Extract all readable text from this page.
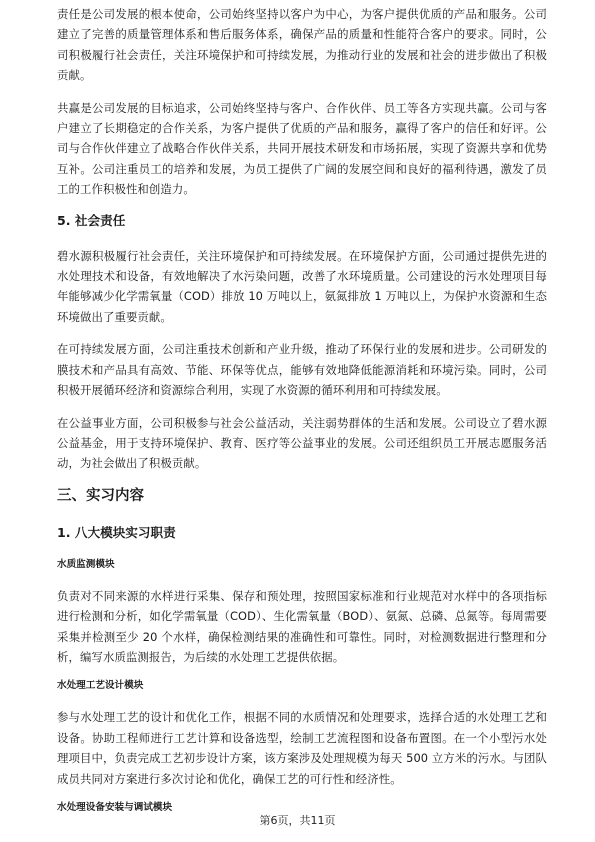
责任是公司发展的根本使命，公司始终坚持以客户为中心，为客户提供优质的产品和服务。公司建立了完善的质量管理体系和售后服务体系，确保产品的质量和性能符合客户的要求。同时，公司积极履行社会责任，关注环境保护和可持续发展，为推动行业的发展和社会的进步做出了积极贡献。

共赢是公司发展的目标追求，公司始终坚持与客户、合作伙伴、员工等各方实现共赢。公司与客户建立了长期稳定的合作关系，为客户提供了优质的产品和服务，赢得了客户的信任和好评。公司与合作伙伴建立了战略合作伙伴关系，共同开展技术研发和市场拓展，实现了资源共享和优势互补。公司注重员工的培养和发展，为员工提供了广阔的发展空间和良好的福利待遇，激发了员工的工作积极性和创造力。

5. 社会责任

碧水源积极履行社会责任，关注环境保护和可持续发展。在环境保护方面，公司通过提供先进的水处理技术和设备，有效地解决了水污染问题，改善了水环境质量。公司建设的污水处理项目每年能够减少化学需氧量（COD）排放 10 万吨以上，氨氮排放 1 万吨以上，为保护水资源和生态环境做出了重要贡献。

在可持续发展方面，公司注重技术创新和产业升级，推动了环保行业的发展和进步。公司研发的膜技术和产品具有高效、节能、环保等优点，能够有效地降低能源消耗和环境污染。同时，公司积极开展循环经济和资源综合利用，实现了水资源的循环利用和可持续发展。

在公益事业方面，公司积极参与社会公益活动，关注弱势群体的生活和发展。公司设立了碧水源公益基金，用于支持环境保护、教育、医疗等公益事业的发展。公司还组织员工开展志愿服务活动，为社会做出了积极贡献。

三、实习内容
1. 八大模块实习职责
水质监测模块

负责对不同来源的水样进行采集、保存和预处理，按照国家标准和行业规范对水样中的各项指标进行检测和分析，如化学需氧量（COD）、生化需氧量（BOD）、氨氮、总磷、总氮等。每周需要采集并检测至少 20 个水样，确保检测结果的准确性和可靠性。同时，对检测数据进行整理和分析，编写水质监测报告，为后续的水处理工艺提供依据。

水处理工艺设计模块

参与水处理工艺的设计和优化工作，根据不同的水质情况和处理要求，选择合适的水处理工艺和设备。协助工程师进行工艺计算和设备选型，绘制工艺流程图和设备布置图。在一个小型污水处理项目中，负责完成工艺初步设计方案，该方案涉及处理规模为每天 500 立方米的污水。与团队成员共同对方案进行多次讨论和优化，确保工艺的可行性和经济性。

水处理设备安装与调试模块
第6页，共11页
